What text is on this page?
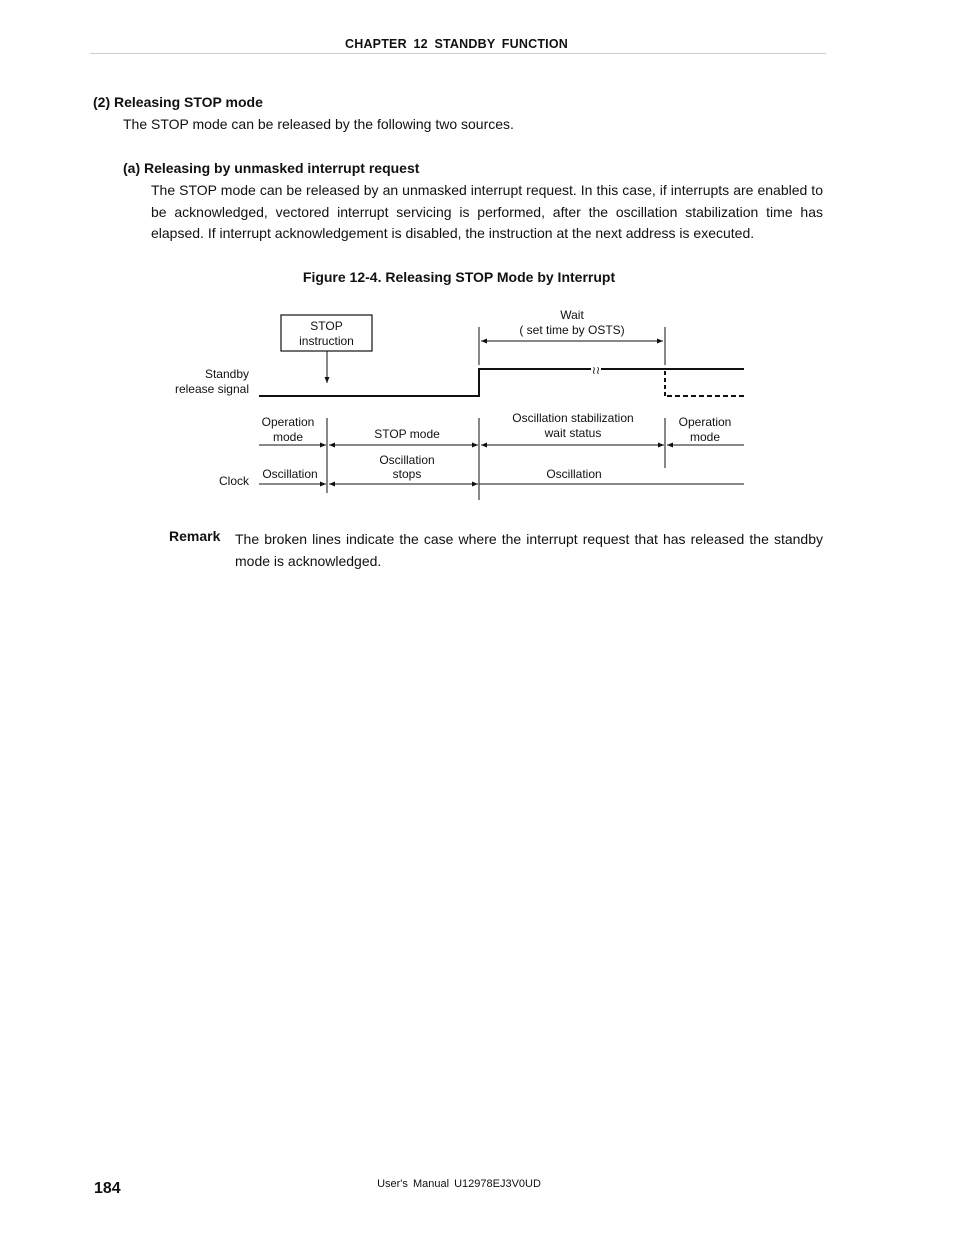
CHAPTER 12 STANDBY FUNCTION
(2) Releasing STOP mode
The STOP mode can be released by the following two sources.
(a) Releasing by unmasked interrupt request
The STOP mode can be released by an unmasked interrupt request. In this case, if interrupts are enabled to be acknowledged, vectored interrupt servicing is performed, after the oscillation stabilization time has elapsed. If interrupt acknowledgement is disabled, the instruction at the next address is executed.
Figure 12-4. Releasing STOP Mode by Interrupt
STOP
instruction
Wait
( set time by OSTS)
Standby
release signal
≀≀
Operation
mode	STOP mode
Oscillation stabilization
wait status
Operation
mode
Clock Oscillation
Oscillation
stops	Oscillation
Remark The broken lines indicate the case where the interrupt request that has released the standby mode is acknowledged.
184	User's Manual U12978EJ3V0UD
